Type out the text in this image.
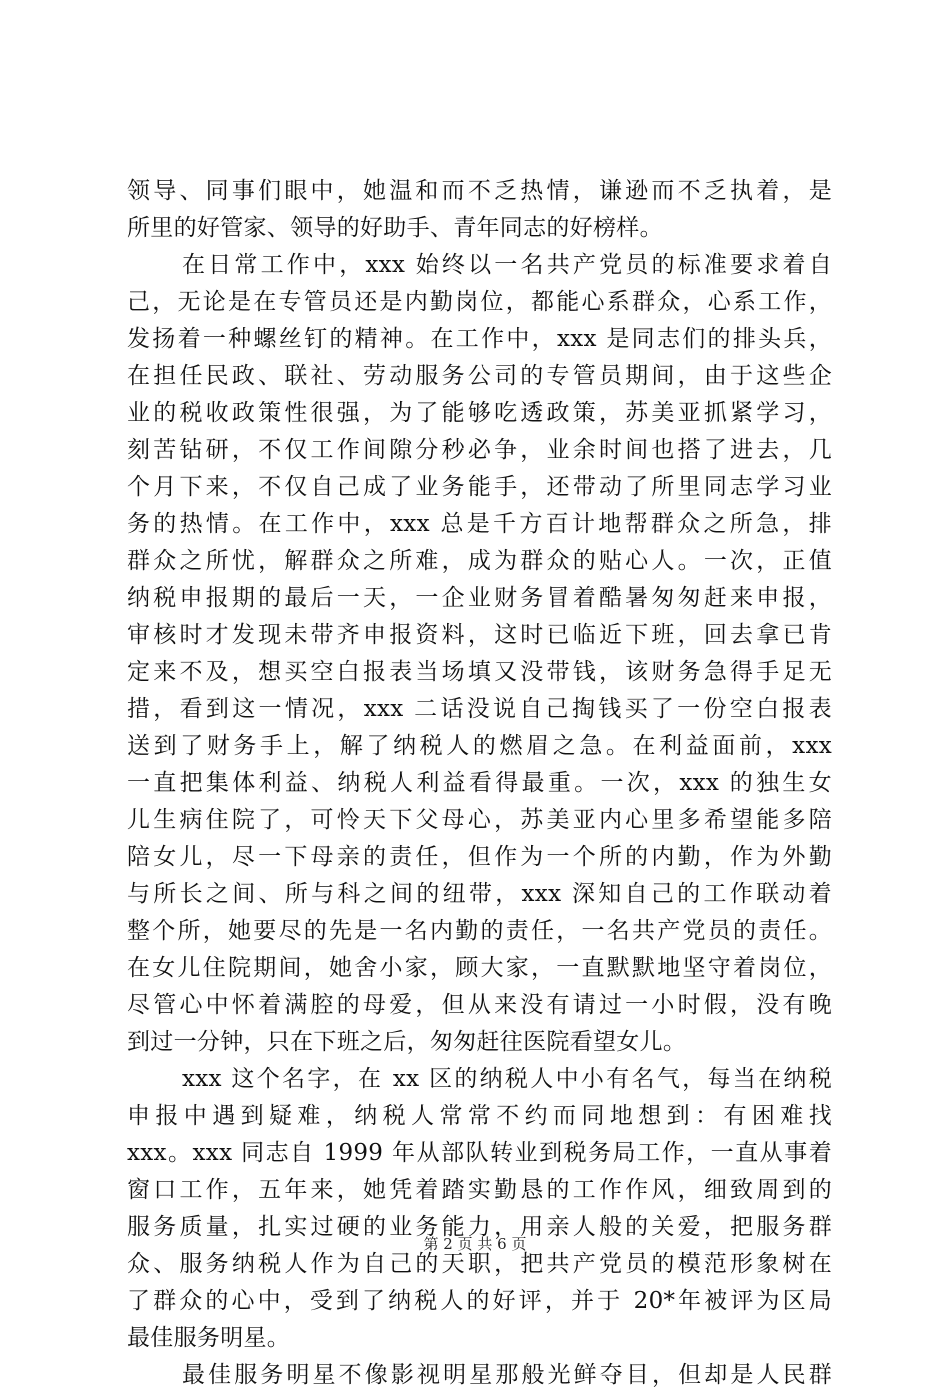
领导、同事们眼中，她温和而不乏热情，谦逊而不乏执着，是
所里的好管家、领导的好助手、青年同志的好榜样。
在日常工作中，xxx 始终以一名共产党员的标准要求着自
己，无论是在专管员还是内勤岗位，都能心系群众，心系工作，
发扬着一种螺丝钉的精神。在工作中，xxx 是同志们的排头兵，
在担任民政、联社、劳动服务公司的专管员期间，由于这些企
业的税收政策性很强，为了能够吃透政策，苏美亚抓紧学习，
刻苦钻研，不仅工作间隙分秒必争，业余时间也搭了进去，几
个月下来，不仅自己成了业务能手，还带动了所里同志学习业
务的热情。在工作中，xxx 总是千方百计地帮群众之所急，排
群众之所忧，解群众之所难，成为群众的贴心人。一次，正值
纳税申报期的最后一天，一企业财务冒着酷暑匆匆赶来申报，
审核时才发现未带齐申报资料，这时已临近下班，回去拿已肯
定来不及，想买空白报表当场填又没带钱，该财务急得手足无
措，看到这一情况，xxx 二话没说自己掏钱买了一份空白报表
送到了财务手上，解了纳税人的燃眉之急。在利益面前，xxx
一直把集体利益、纳税人利益看得最重。一次，xxx 的独生女
儿生病住院了，可怜天下父母心，苏美亚内心里多希望能多陪
陪女儿，尽一下母亲的责任，但作为一个所的内勤，作为外勤
与所长之间、所与科之间的纽带，xxx 深知自己的工作联动着
整个所，她要尽的先是一名内勤的责任，一名共产党员的责任。
在女儿住院期间，她舍小家，顾大家，一直默默地坚守着岗位，
尽管心中怀着满腔的母爱，但从来没有请过一小时假，没有晚
到过一分钟，只在下班之后，匆匆赶往医院看望女儿。
xxx 这个名字，在 xx 区的纳税人中小有名气，每当在纳税
申报中遇到疑难，纳税人常常不约而同地想到：有困难找
xxx。xxx 同志自 1999 年从部队转业到税务局工作，一直从事着
窗口工作，五年来，她凭着踏实勤恳的工作作风，细致周到的
服务质量，扎实过硬的业务能力，用亲人般的关爱，把服务群
众、服务纳税人作为自己的天职，把共产党员的模范形象树在
了群众的心中，受到了纳税人的好评，并于 20*年被评为区局
最佳服务明星。
最佳服务明星不像影视明星那般光鲜夺目，但却是人民群
第 2 页 共 6 页
